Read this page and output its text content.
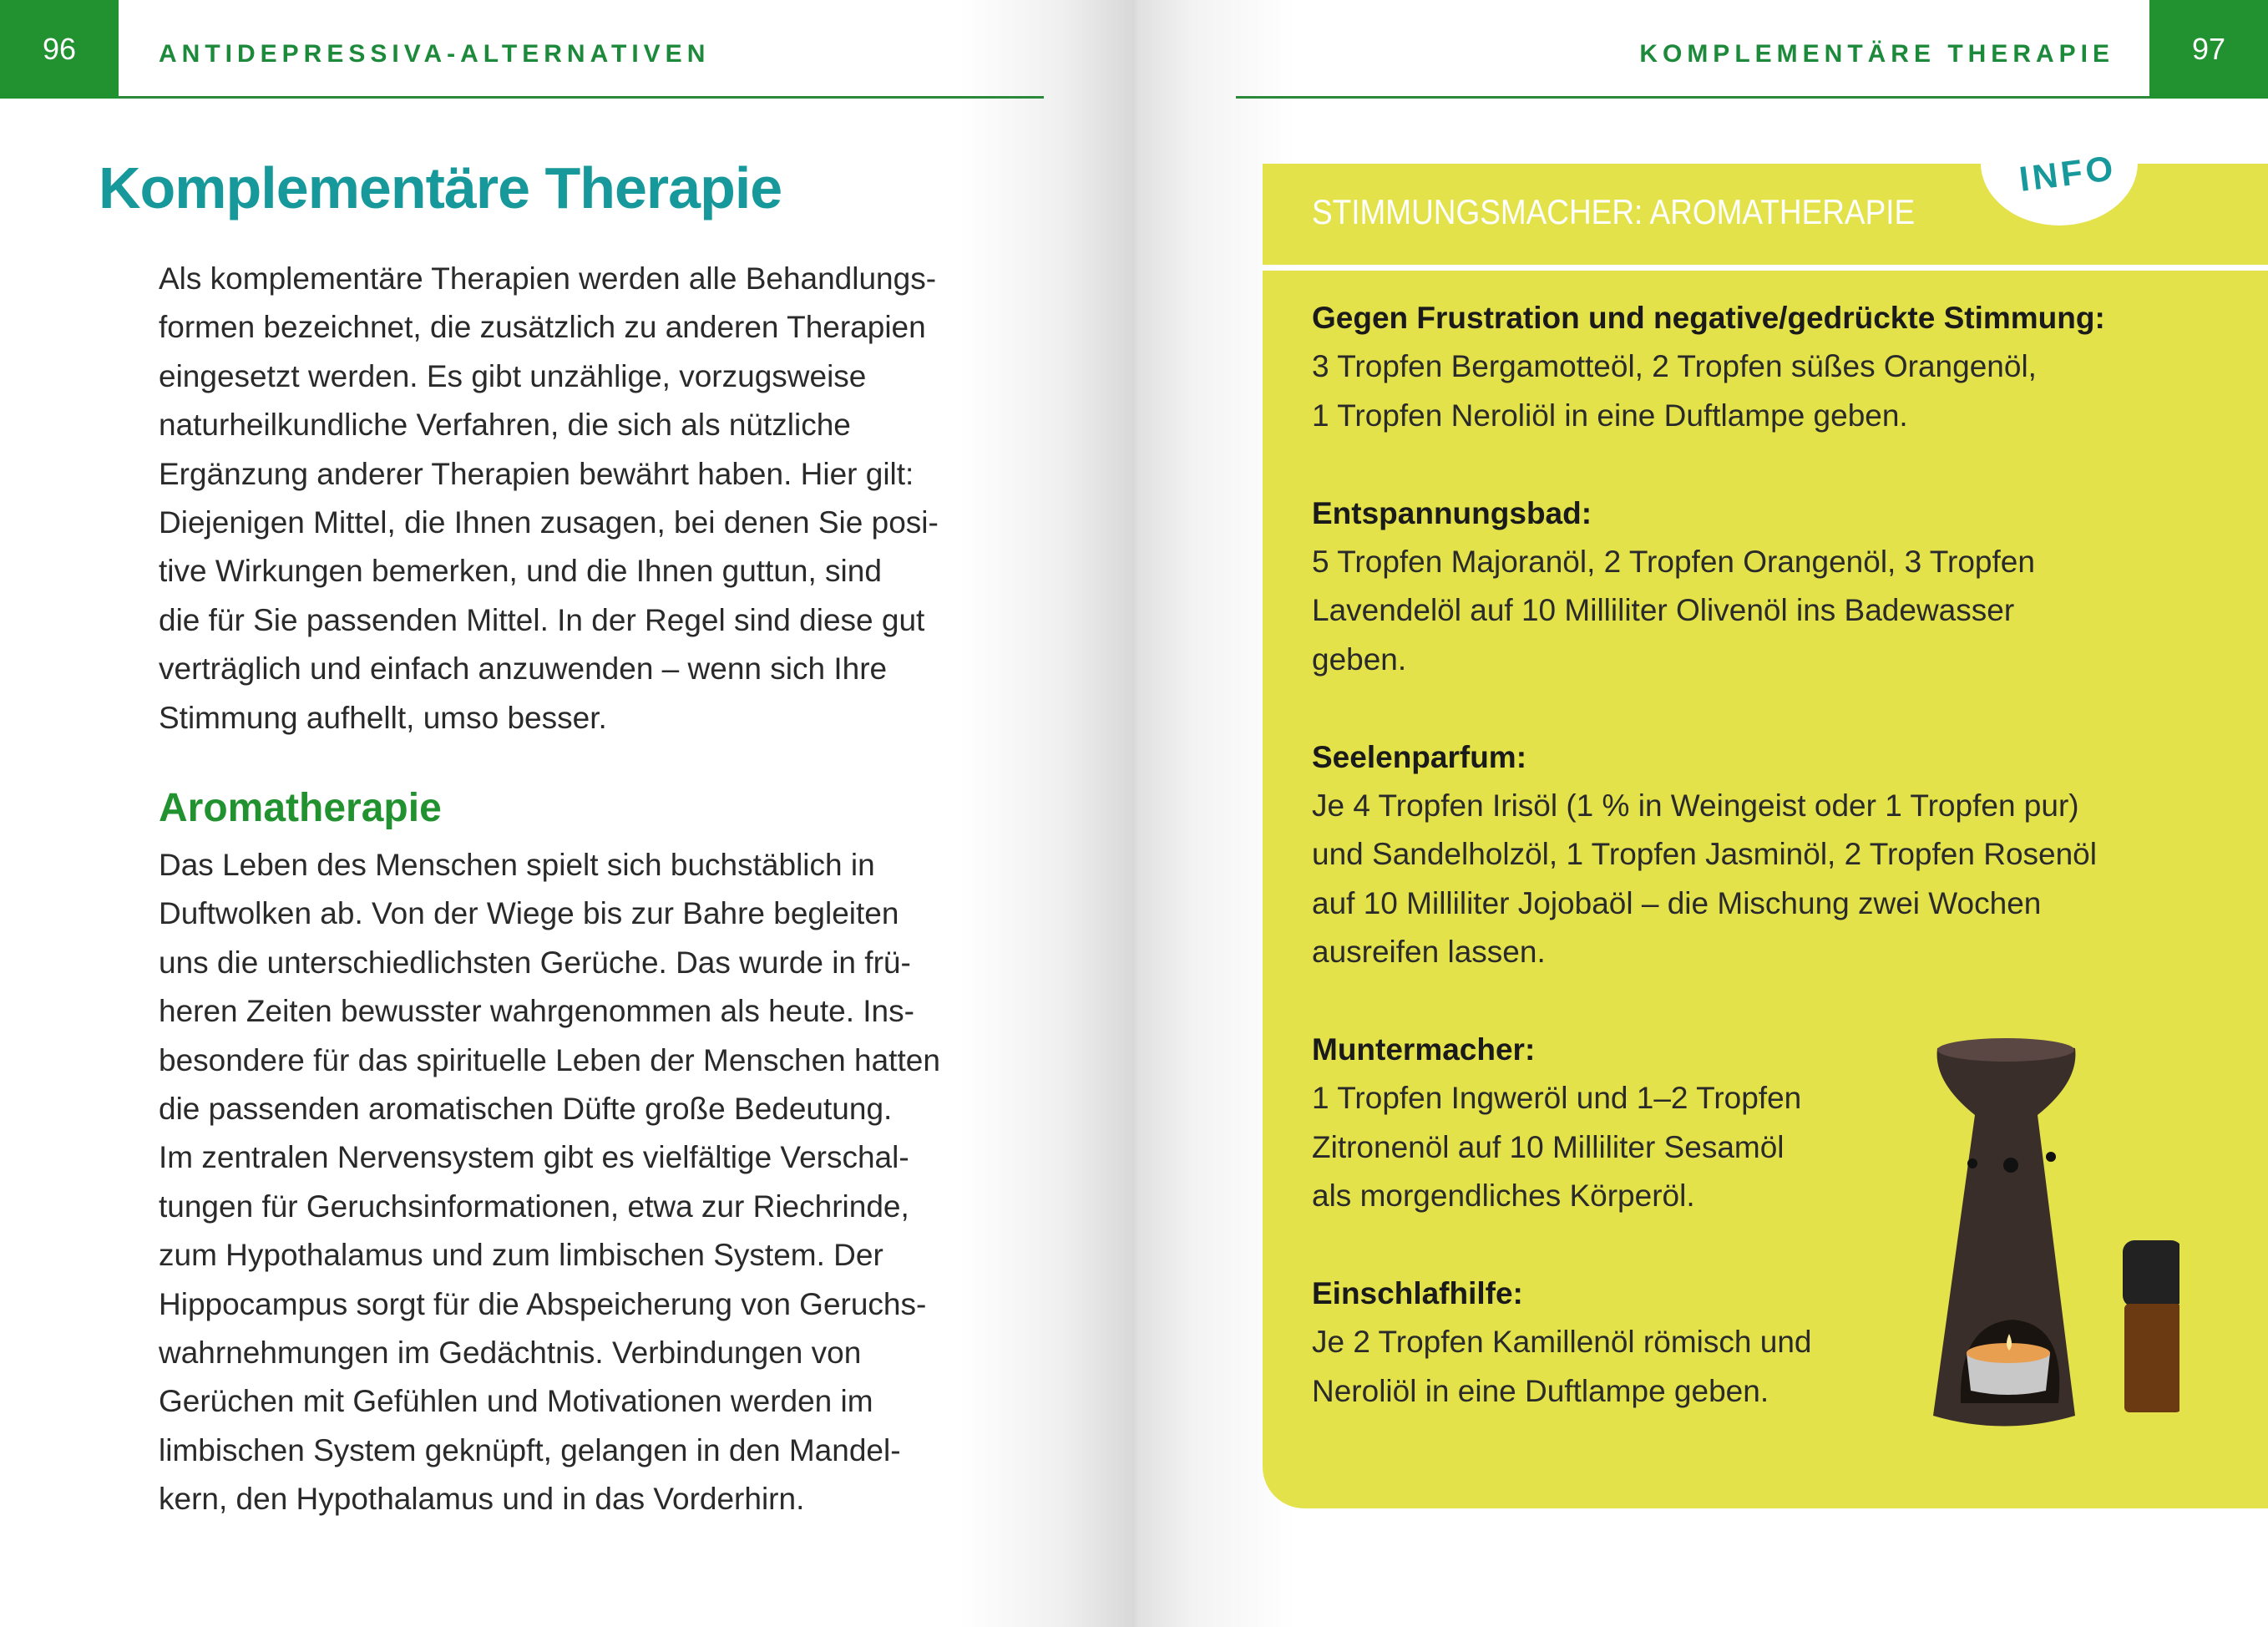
96	97
ANTIDEPRESSIVA-ALTERNATIVEN	KOMPLEMENTÄRE THERAPIE
Komplementäre Therapie
Als komplementäre Therapien werden alle Behandlungs-
formen bezeichnet, die zusätzlich zu anderen Therapien
eingesetzt werden. Es gibt unzählige, vorzugsweise
naturheilkundliche Verfahren, die sich als nützliche
Ergänzung anderer Therapien bewährt haben. Hier gilt:
Diejenigen Mittel, die Ihnen zusagen, bei denen Sie posi-
tive Wirkungen bemerken, und die Ihnen guttun, sind
die für Sie passenden Mittel. In der Regel sind diese gut
verträglich und einfach anzuwenden – wenn sich Ihre
Stimmung aufhellt, umso besser.
Aromatherapie
Das Leben des Menschen spielt sich buchstäblich in
Duftwolken ab. Von der Wiege bis zur Bahre begleiten
uns die unterschiedlichsten Gerüche. Das wurde in frü-
heren Zeiten bewusster wahrgenommen als heute. Ins-
besondere für das spirituelle Leben der Menschen hatten
die passenden aromatischen Düfte große Bedeutung.
Im zentralen Nervensystem gibt es vielfältige Verschal-
tungen für Geruchsinformationen, etwa zur Riechrinde,
zum Hypothalamus und zum limbischen System. Der
Hippocampus sorgt für die Abspeicherung von Geruchs-
wahrnehmungen im Gedächtnis. Verbindungen von
Gerüchen mit Gefühlen und Motivationen werden im
limbischen System geknüpft, gelangen in den Mandel-
kern, den Hypothalamus und in das Vorderhirn.
STIMMUNGSMACHER: AROMATHERAPIE
INFO
Gegen Frustration und negative/gedrückte Stimmung:
3 Tropfen Bergamotteöl, 2 Tropfen süßes Orangenöl,
1 Tropfen Neroliöl in eine Duftlampe geben.
Entspannungsbad:
5 Tropfen Majoranöl, 2 Tropfen Orangenöl, 3 Tropfen
Lavendelöl auf 10 Milliliter Olivenöl ins Badewasser
geben.
Seelenparfum:
Je 4 Tropfen Irisöl (1 % in Weingeist oder 1 Tropfen pur)
und Sandelholzöl, 1 Tropfen Jasminöl, 2 Tropfen Rosenöl
auf 10 Milliliter Jojobaöl – die Mischung zwei Wochen
ausreifen lassen.
Muntermacher:
1 Tropfen Ingweröl und 1–2 Tropfen
Zitronenöl auf 10 Milliliter Sesamöl
als morgendliches Körperöl.
Einschlafhilfe:
Je 2 Tropfen Kamillenöl römisch und
Neroliöl in eine Duftlampe geben.
